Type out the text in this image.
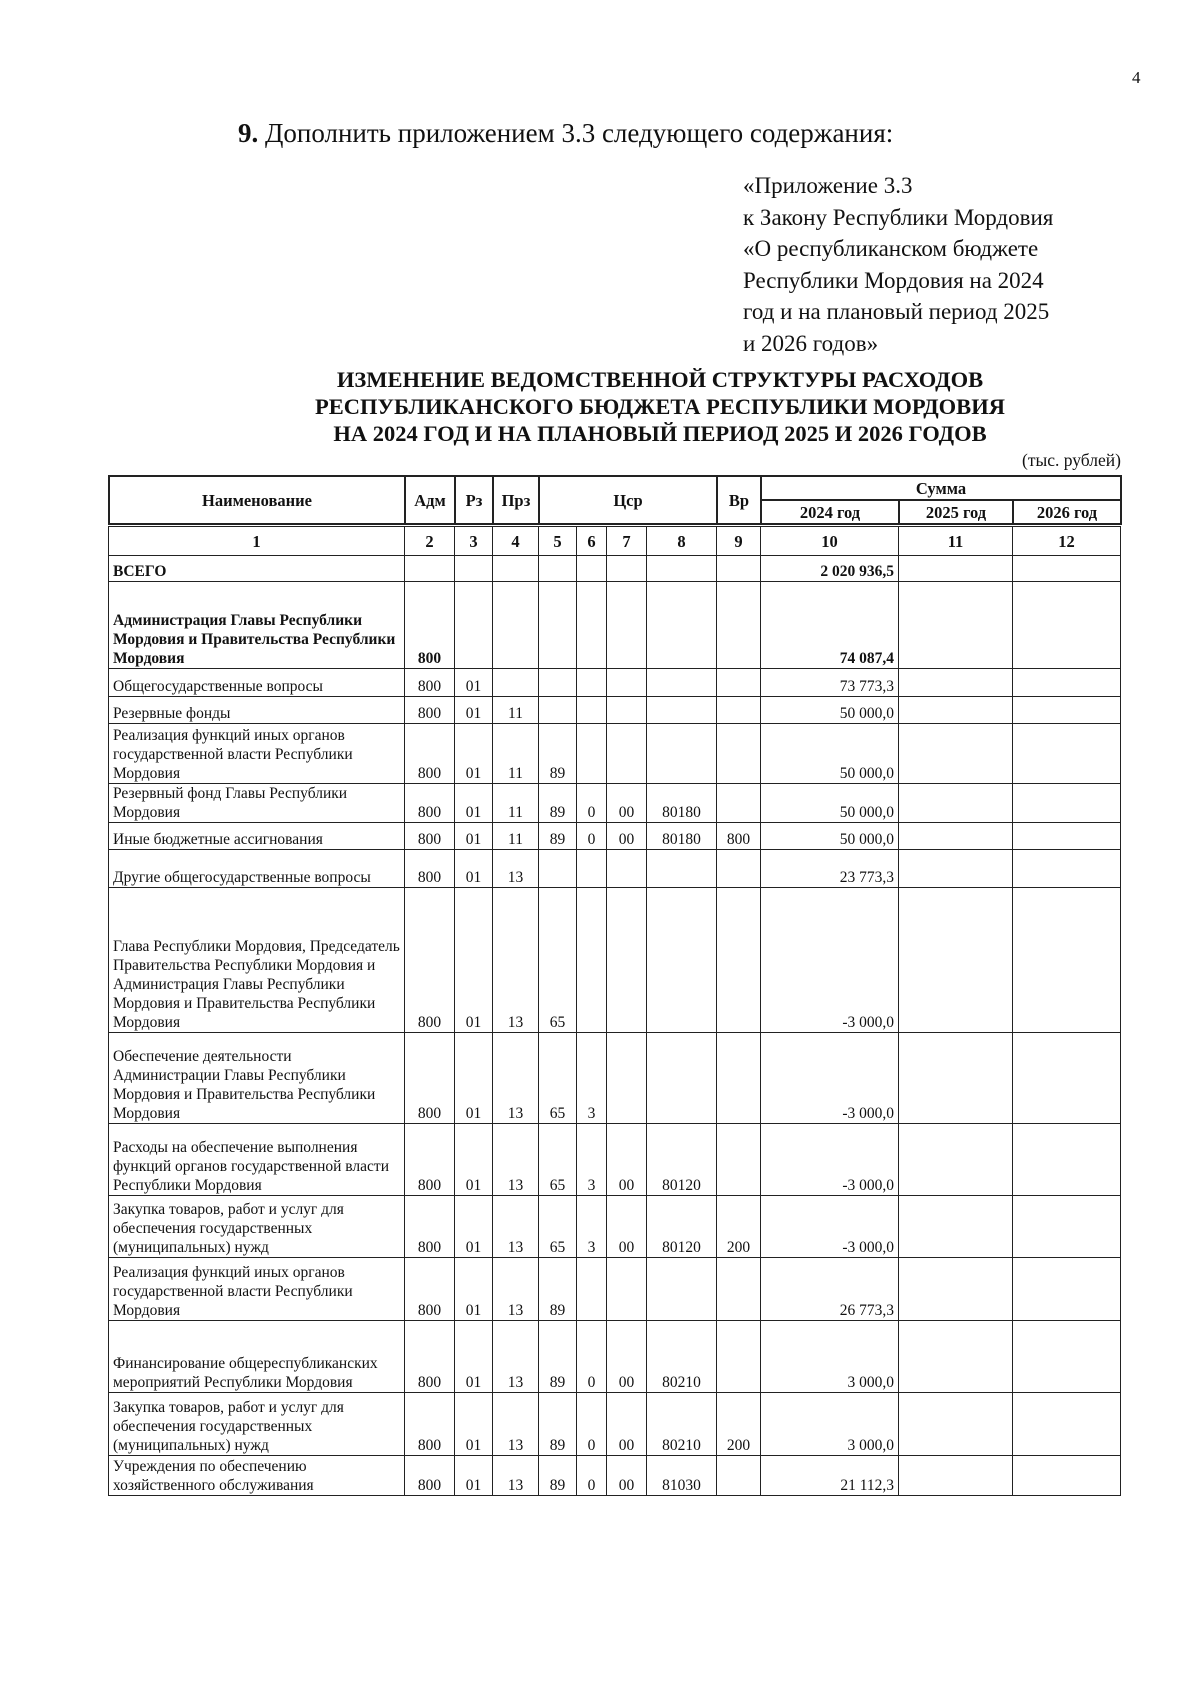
4
9. Дополнить приложением 3.3 следующего содержания:
«Приложение 3.3
к Закону Республики Мордовия
«О республиканском бюджете
Республики Мордовия на 2024
год и на плановый период 2025
и 2026 годов»
ИЗМЕНЕНИЕ ВЕДОМСТВЕННОЙ СТРУКТУРЫ РАСХОДОВ
РЕСПУБЛИКАНСКОГО БЮДЖЕТА РЕСПУБЛИКИ МОРДОВИЯ
НА 2024 ГОД И НА ПЛАНОВЫЙ ПЕРИОД 2025 И 2026 ГОДОВ
(тыс. рублей)
Наименование	Адм	Рз	Прз	Цср	Вр	Сумма		
						2024 год	2025 год	2026 год
1	2	3	4	5	6	7	8	9	10	11	12
ВСЕГО									2 020 936,5		
Администрация Главы Республики Мордовия и Правительства Республики Мордовия	800								74 087,4		
Общегосударственные вопросы	800	01							73 773,3		
Резервные фонды	800	01	11						50 000,0		
Реализация функций иных органов государственной власти Республики Мордовия	800	01	11	89					50 000,0		
Резервный фонд Главы Республики Мордовия	800	01	11	89	0	00	80180		50 000,0		
Иные бюджетные ассигнования	800	01	11	89	0	00	80180	800	50 000,0		
Другие общегосударственные вопросы	800	01	13						23 773,3		
Глава Республики Мордовия, Председатель Правительства Республики Мордовия и Администрация Главы Республики Мордовия и Правительства Республики Мордовия	800	01	13	65					-3 000,0		
Обеспечение деятельности Администрации Главы Республики Мордовия и Правительства Республики Мордовия	800	01	13	65	3				-3 000,0		
Расходы на обеспечение выполнения функций органов государственной власти Республики Мордовия	800	01	13	65	3	00	80120		-3 000,0		
Закупка товаров, работ и услуг для обеспечения государственных (муниципальных) нужд	800	01	13	65	3	00	80120	200	-3 000,0		
Реализация функций иных органов государственной власти Республики Мордовия	800	01	13	89					26 773,3		
Финансирование общереспубликанских мероприятий Республики Мордовия	800	01	13	89	0	00	80210		3 000,0		
Закупка товаров, работ и услуг для обеспечения государственных (муниципальных) нужд	800	01	13	89	0	00	80210	200	3 000,0		
Учреждения по обеспечению хозяйственного обслуживания	800	01	13	89	0	00	81030		21 112,3		
